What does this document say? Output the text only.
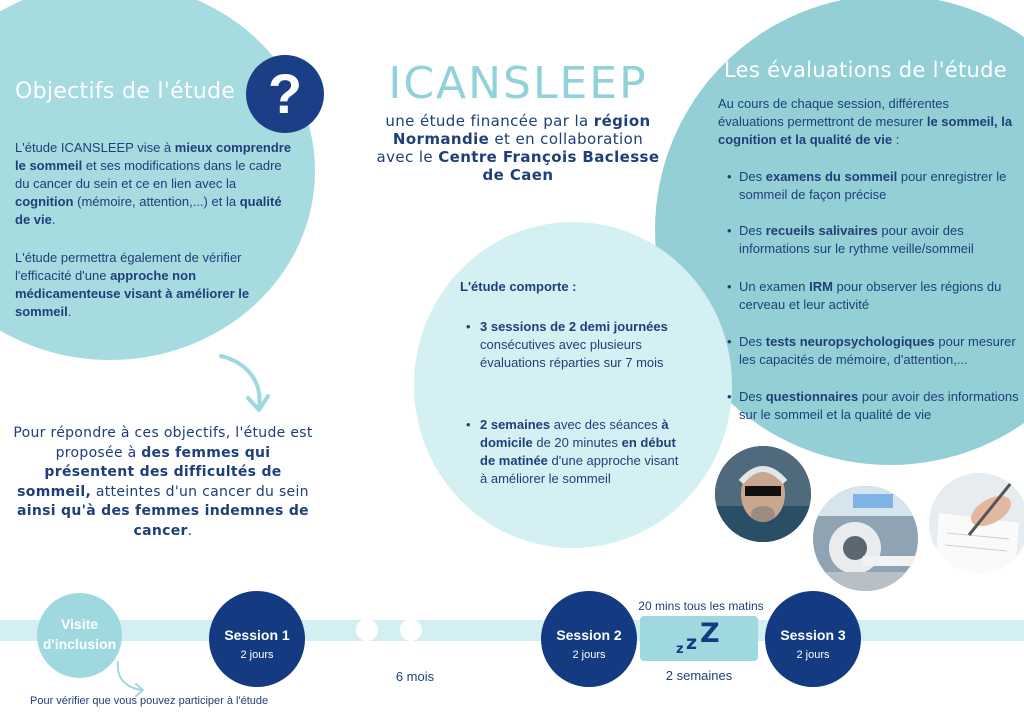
Objectifs de l'étude ?
L'étude ICANSLEEP vise à mieux comprendre le sommeil et ses modifications dans le cadre du cancer du sein et ce en lien avec la cognition (mémoire, attention,...) et la qualité de vie.
L'étude permettra également de vérifier l'efficacité d'une approche non médicamenteuse visant à améliorer le sommeil.
Pour répondre à ces objectifs, l'étude est proposée à des femmes qui présentent des difficultés de sommeil, atteintes d'un cancer du sein ainsi qu'à des femmes indemnes de cancer.
ICANSLEEP
une étude financée par la région
Normandie et en collaboration
avec le Centre François Baclesse
de Caen
L'étude comporte :
• 3 sessions de 2 demi journées consécutives avec plusieurs évaluations réparties sur 7 mois
• 2 semaines avec des séances à domicile de 20 minutes en début de matinée d'une approche visant à améliorer le sommeil
Les évaluations de l'étude
Au cours de chaque session, différentes évaluations permettront de mesurer le sommeil, la cognition et la qualité de vie :
• Des examens du sommeil pour enregistrer le sommeil de façon précise
• Des recueils salivaires pour avoir des informations sur le rythme veille/sommeil
• Un examen IRM pour observer les régions du cerveau et leur activité
• Des tests neuropsychologiques pour mesurer les capacités de mémoire, d'attention,...
• Des questionnaires pour avoir des informations sur le sommeil et la qualité de vie
Visite d'inclusion
Pour vérifier que vous pouvez participer à l'étude
Session 1
2 jours
6 mois
Session 2
2 jours
20 mins tous les matins
z z Z
2 semaines
Session 3
2 jours
